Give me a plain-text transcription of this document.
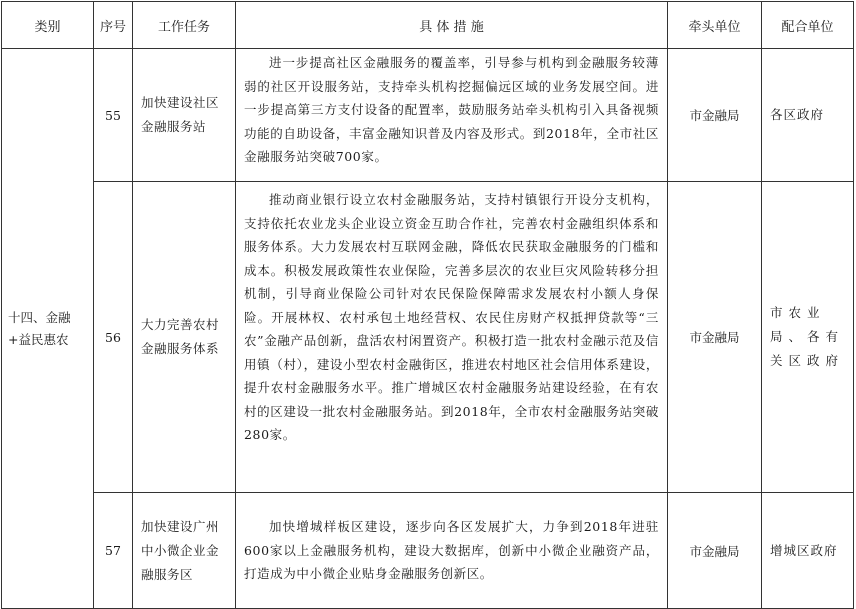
类别	序号	工作任务	具 体 措 施	牵头单位	配合单位
十四、金融+益民惠农	55	加快建设社区金融服务站	进一步提高社区金融服务的覆盖率，引导参与机构到金融服务较薄弱的社区开设服务站，支持牵头机构挖掘偏远区域的业务发展空间。进一步提高第三方支付设备的配置率，鼓励服务站牵头机构引入具备视频功能的自助设备，丰富金融知识普及内容及形式。到2018年，全市社区金融服务站突破700家。	市金融局	各区政府
	56	大力完善农村金融服务体系	推动商业银行设立农村金融服务站，支持村镇银行开设分支机构，支持依托农业龙头企业设立资金互助合作社，完善农村金融组织体系和服务体系。大力发展农村互联网金融，降低农民获取金融服务的门槛和成本。积极发展政策性农业保险，完善多层次的农业巨灾风险转移分担机制，引导商业保险公司针对农民保险保障需求发展农村小额人身保险。开展林权、农村承包土地经营权、农民住房财产权抵押贷款等“三农”金融产品创新，盘活农村闲置资产。积极打造一批农村金融示范及信用镇（村），建设小型农村金融街区，推进农村地区社会信用体系建设，提升农村金融服务水平。推广增城区农村金融服务站建设经验，在有农村的区建设一批农村金融服务站。到2018年，全市农村金融服务站突破280家。	市金融局	市农业局、各有关区政府
	57	加快建设广州中小微企业金融服务区	加快增城样板区建设，逐步向各区发展扩大，力争到2018年进驻600家以上金融服务机构，建设大数据库，创新中小微企业融资产品，打造成为中小微企业贴身金融服务创新区。	市金融局	增城区政府
